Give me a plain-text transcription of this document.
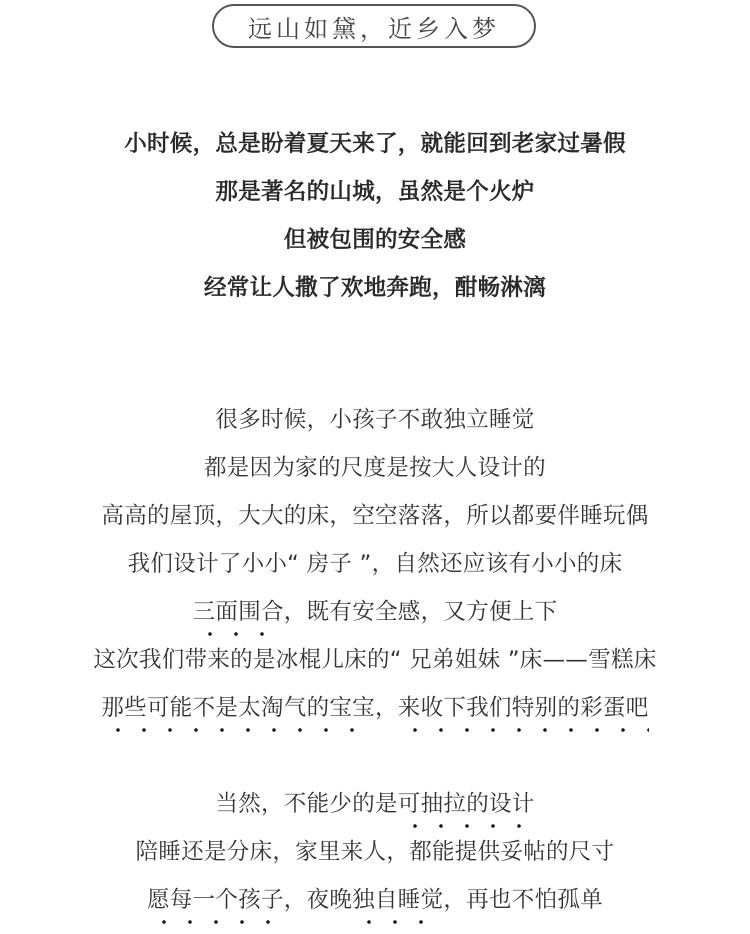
远山如黛，近乡入梦
小时候，总是盼着夏天来了，就能回到老家过暑假
那是著名的山城，虽然是个火炉
但被包围的安全感
经常让人撒了欢地奔跑，酣畅淋漓
很多时候，小孩子不敢独立睡觉
都是因为家的尺度是按大人设计的
高高的屋顶，大大的床，空空落落，所以都要伴睡玩偶
我们设计了小小“ 房子 ”，自然还应该有小小的床
三面围合，既有安全感，又方便上下
这次我们带来的是冰棍儿床的“ 兄弟姐妹 ”床——雪糕床
那些可能不是太淘气的宝宝，来收下我们特别的彩蛋吧
当然，不能少的是可抽拉的设计
陪睡还是分床，家里来人，都能提供妥帖的尺寸
愿每一个孩子，夜晚独自睡觉，再也不怕孤单
